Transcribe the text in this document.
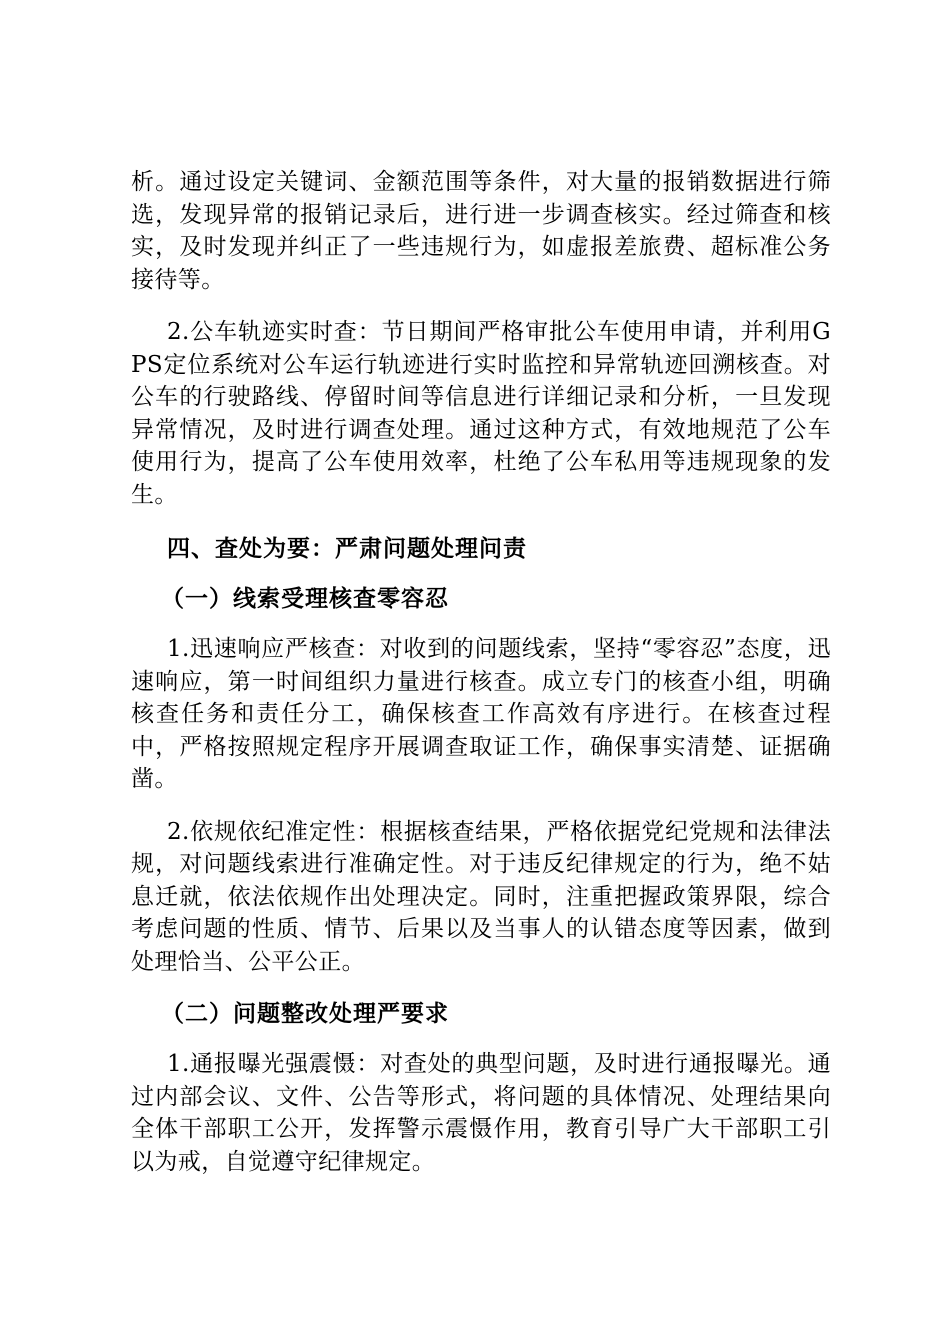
析。通过设定关键词、金额范围等条件，对大量的报销数据进行筛选，发现异常的报销记录后，进行进一步调查核实。经过筛查和核实，及时发现并纠正了一些违规行为，如虚报差旅费、超标准公务接待等。

2.公车轨迹实时查：节日期间严格审批公车使用申请，并利用GPS定位系统对公车运行轨迹进行实时监控和异常轨迹回溯核查。对公车的行驶路线、停留时间等信息进行详细记录和分析，一旦发现异常情况，及时进行调查处理。通过这种方式，有效地规范了公车使用行为，提高了公车使用效率，杜绝了公车私用等违规现象的发生。

四、查处为要：严肃问题处理问责

（一）线索受理核查零容忍

1.迅速响应严核查：对收到的问题线索，坚持“零容忍”态度，迅速响应，第一时间组织力量进行核查。成立专门的核查小组，明确核查任务和责任分工，确保核查工作高效有序进行。在核查过程中，严格按照规定程序开展调查取证工作，确保事实清楚、证据确凿。

2.依规依纪准定性：根据核查结果，严格依据党纪党规和法律法规，对问题线索进行准确定性。对于违反纪律规定的行为，绝不姑息迁就，依法依规作出处理决定。同时，注重把握政策界限，综合考虑问题的性质、情节、后果以及当事人的认错态度等因素，做到处理恰当、公平公正。

（二）问题整改处理严要求

1.通报曝光强震慑：对查处的典型问题，及时进行通报曝光。通过内部会议、文件、公告等形式，将问题的具体情况、处理结果向全体干部职工公开，发挥警示震慑作用，教育引导广大干部职工引以为戒，自觉遵守纪律规定。
